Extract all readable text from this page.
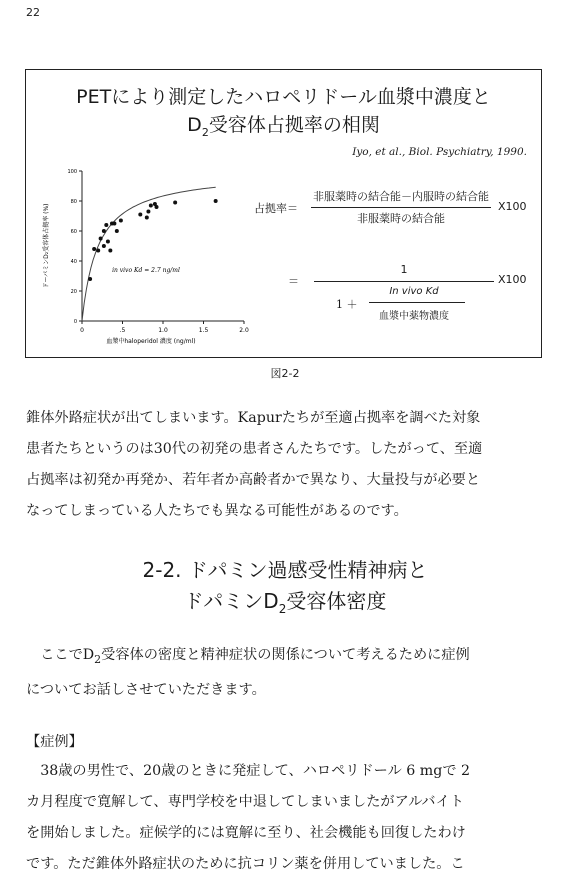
22
PETにより測定したハロペリドール血漿中濃度と
$D_2$受容体占拠率の相関
Iyo, et al., Biol. Psychiatry, 1990.
0	.5	1.0	1.5	2.0
0
20
40
60
80
100
in vivo Kd = 2.7 ng/ml
血漿中haloperidol 濃度 (ng/ml)
ドーパミンD₂受容体占拠率 (%)	占拠率＝
非服薬時の結合能－内服時の結合能
非服薬時の結合能
X100
＝
1
1 ＋
In vivo Kd
血漿中薬物濃度
X100
図2-2

錐体外路症状が出てしまいます。Kapurたちが至適占拠率を調べた対象

患者たちというのは30代の初発の患者さんたちです。したがって、至適

占拠率は初発か再発か、若年者か高齢者かで異なり、大量投与が必要と

なってしまっている人たちでも異なる可能性があるのです。

2-2. ドパミン過感受性精神病と
ドパミン$D_2$受容体密度

　ここで$D_2$受容体の密度と精神症状の関係について考えるために症例

についてお話しさせていただきます。

【症例】

　38歳の男性で、20歳のときに発症して、ハロペリドール 6 mgで 2

カ月程度で寛解して、専門学校を中退してしまいましたがアルバイト

を開始しました。症候学的には寛解に至り、社会機能も回復したわけ

です。ただ錐体外路症状のために抗コリン薬を併用していました。こ
